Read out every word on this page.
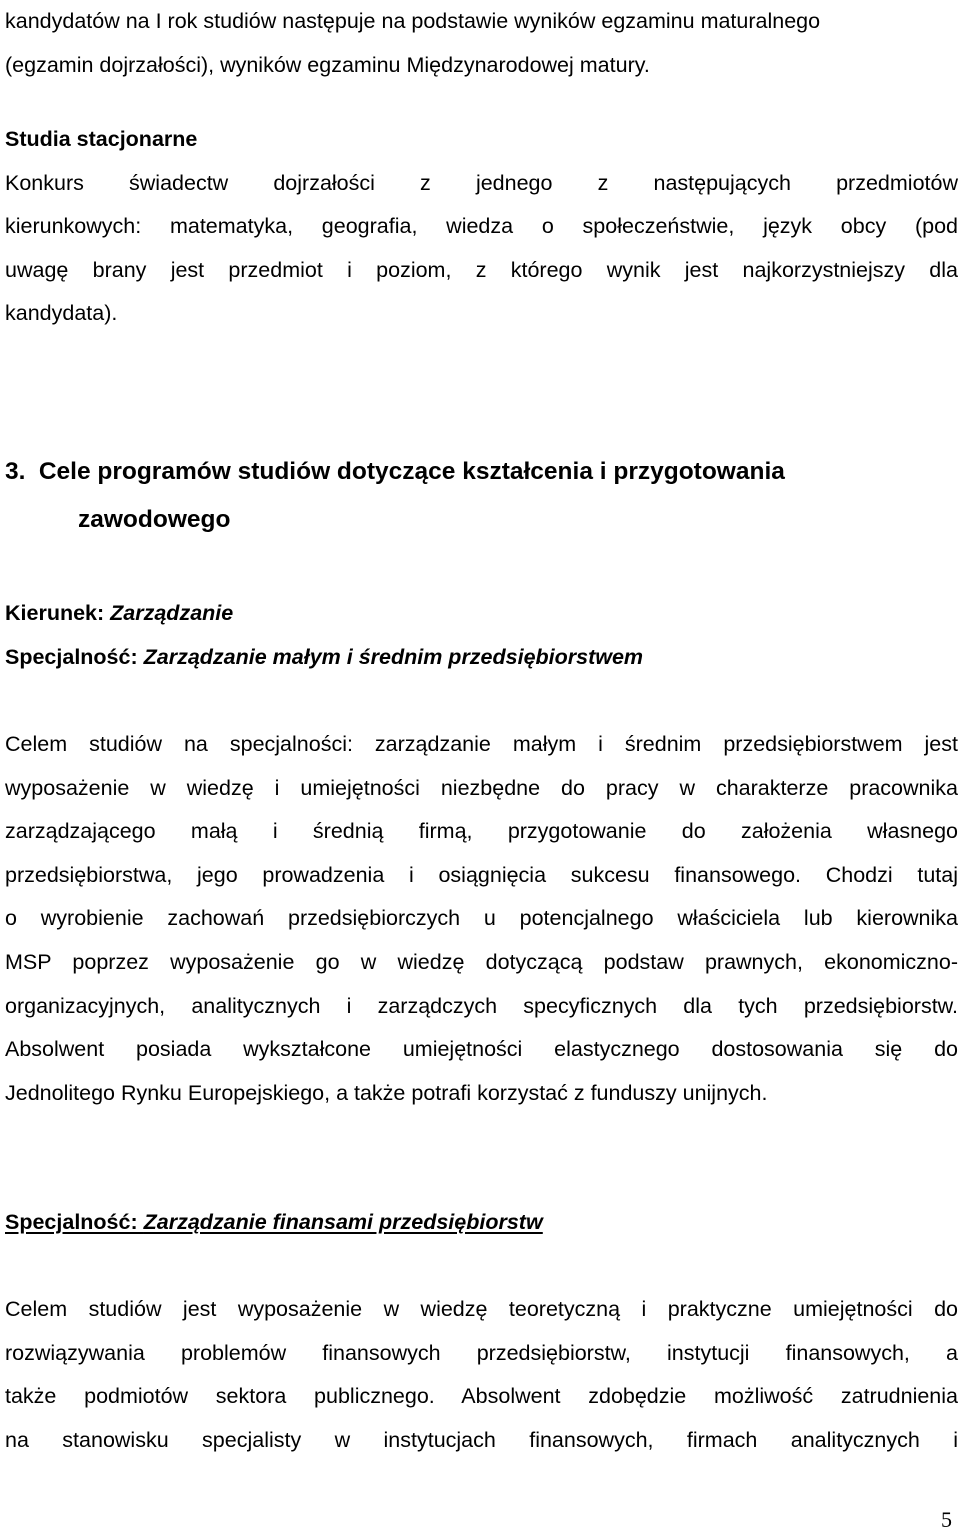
kandydatów na I rok studiów następuje na podstawie wyników egzaminu maturalnego
(egzamin dojrzałości), wyników egzaminu Międzynarodowej matury.
Studia stacjonarne
Konkurs świadectw dojrzałości z jednego z następujących przedmiotów
kierunkowych: matematyka, geografia, wiedza o społeczeństwie, język obcy (pod
uwagę brany jest przedmiot i poziom, z którego wynik jest najkorzystniejszy dla
kandydata).
3. Cele programów studiów dotyczące kształcenia i przygotowania
zawodowego
Kierunek: Zarządzanie
Specjalność: Zarządzanie małym i średnim przedsiębiorstwem
Celem studiów na specjalności: zarządzanie małym i średnim przedsiębiorstwem jest
wyposażenie w wiedzę i umiejętności niezbędne do pracy w charakterze pracownika
zarządzającego małą i średnią firmą, przygotowanie do założenia własnego
przedsiębiorstwa, jego prowadzenia i osiągnięcia sukcesu finansowego. Chodzi tutaj
o wyrobienie zachowań przedsiębiorczych u potencjalnego właściciela lub kierownika
MSP poprzez wyposażenie go w wiedzę dotyczącą podstaw prawnych, ekonomiczno-
organizacyjnych, analitycznych i zarządczych specyficznych dla tych przedsiębiorstw.
Absolwent posiada wykształcone umiejętności elastycznego dostosowania się do
Jednolitego Rynku Europejskiego, a także potrafi korzystać z funduszy unijnych.
Specjalność: Zarządzanie finansami przedsiębiorstw
Celem studiów jest wyposażenie w wiedzę teoretyczną i praktyczne umiejętności do
rozwiązywania problemów finansowych przedsiębiorstw, instytucji finansowych, a
także podmiotów sektora publicznego. Absolwent zdobędzie możliwość zatrudnienia
na stanowisku specjalisty w instytucjach finansowych, firmach analitycznych i
5
